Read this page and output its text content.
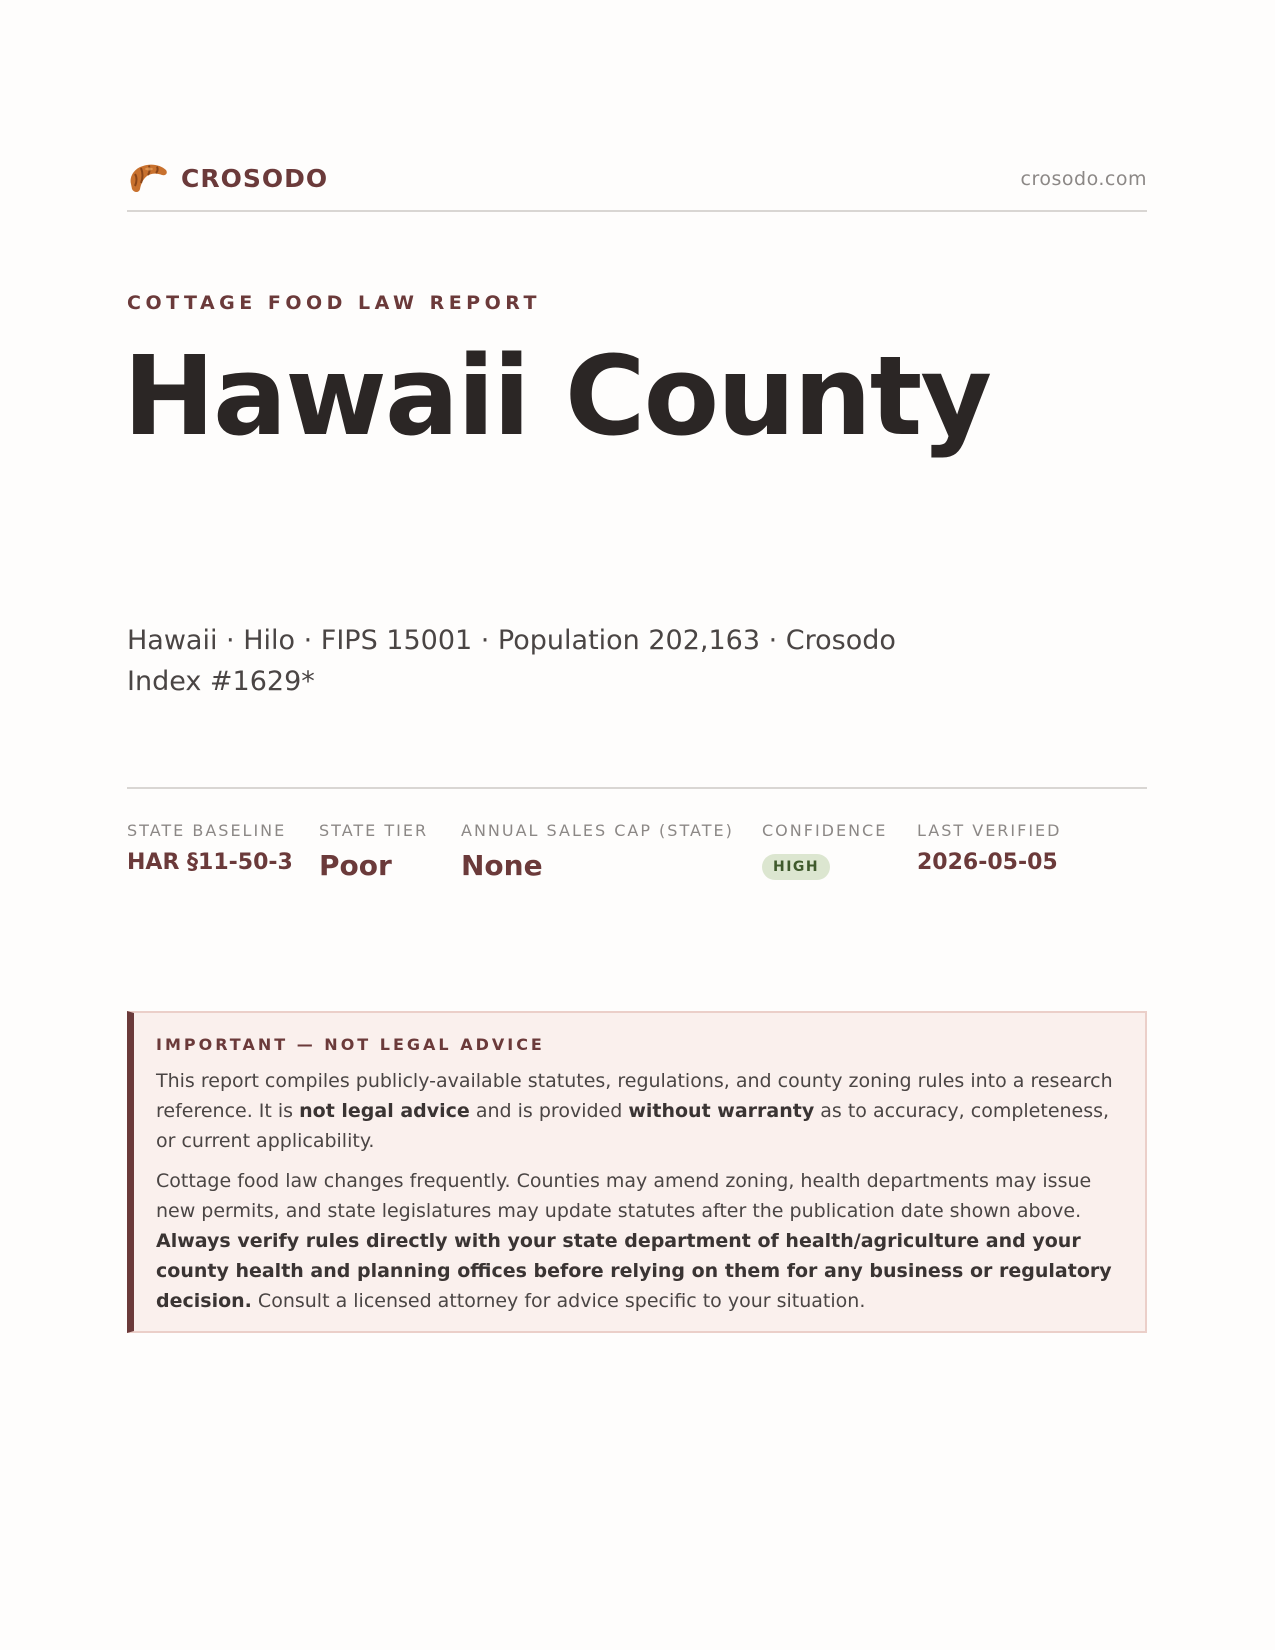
CROSODO	crosodo.com
COTTAGE FOOD LAW REPORT
Hawaii County
Hawaii · Hilo · FIPS 15001 · Population 202,163 · Crosodo Index #1629*
STATE BASELINE
HAR §11-50-3
STATE TIER
Poor
ANNUAL SALES CAP (STATE)
None
CONFIDENCE
HIGH
LAST VERIFIED
2026-05-05
IMPORTANT — NOT LEGAL ADVICE

This report compiles publicly-available statutes, regulations, and county zoning rules into a research reference. It is not legal advice and is provided without warranty as to accuracy, completeness, or current applicability.

Cottage food law changes frequently. Counties may amend zoning, health departments may issue new permits, and state legislatures may update statutes after the publication date shown above. Always verify rules directly with your state department of health/agriculture and your county health and planning offices before relying on them for any business or regulatory decision. Consult a licensed attorney for advice specific to your situation.
